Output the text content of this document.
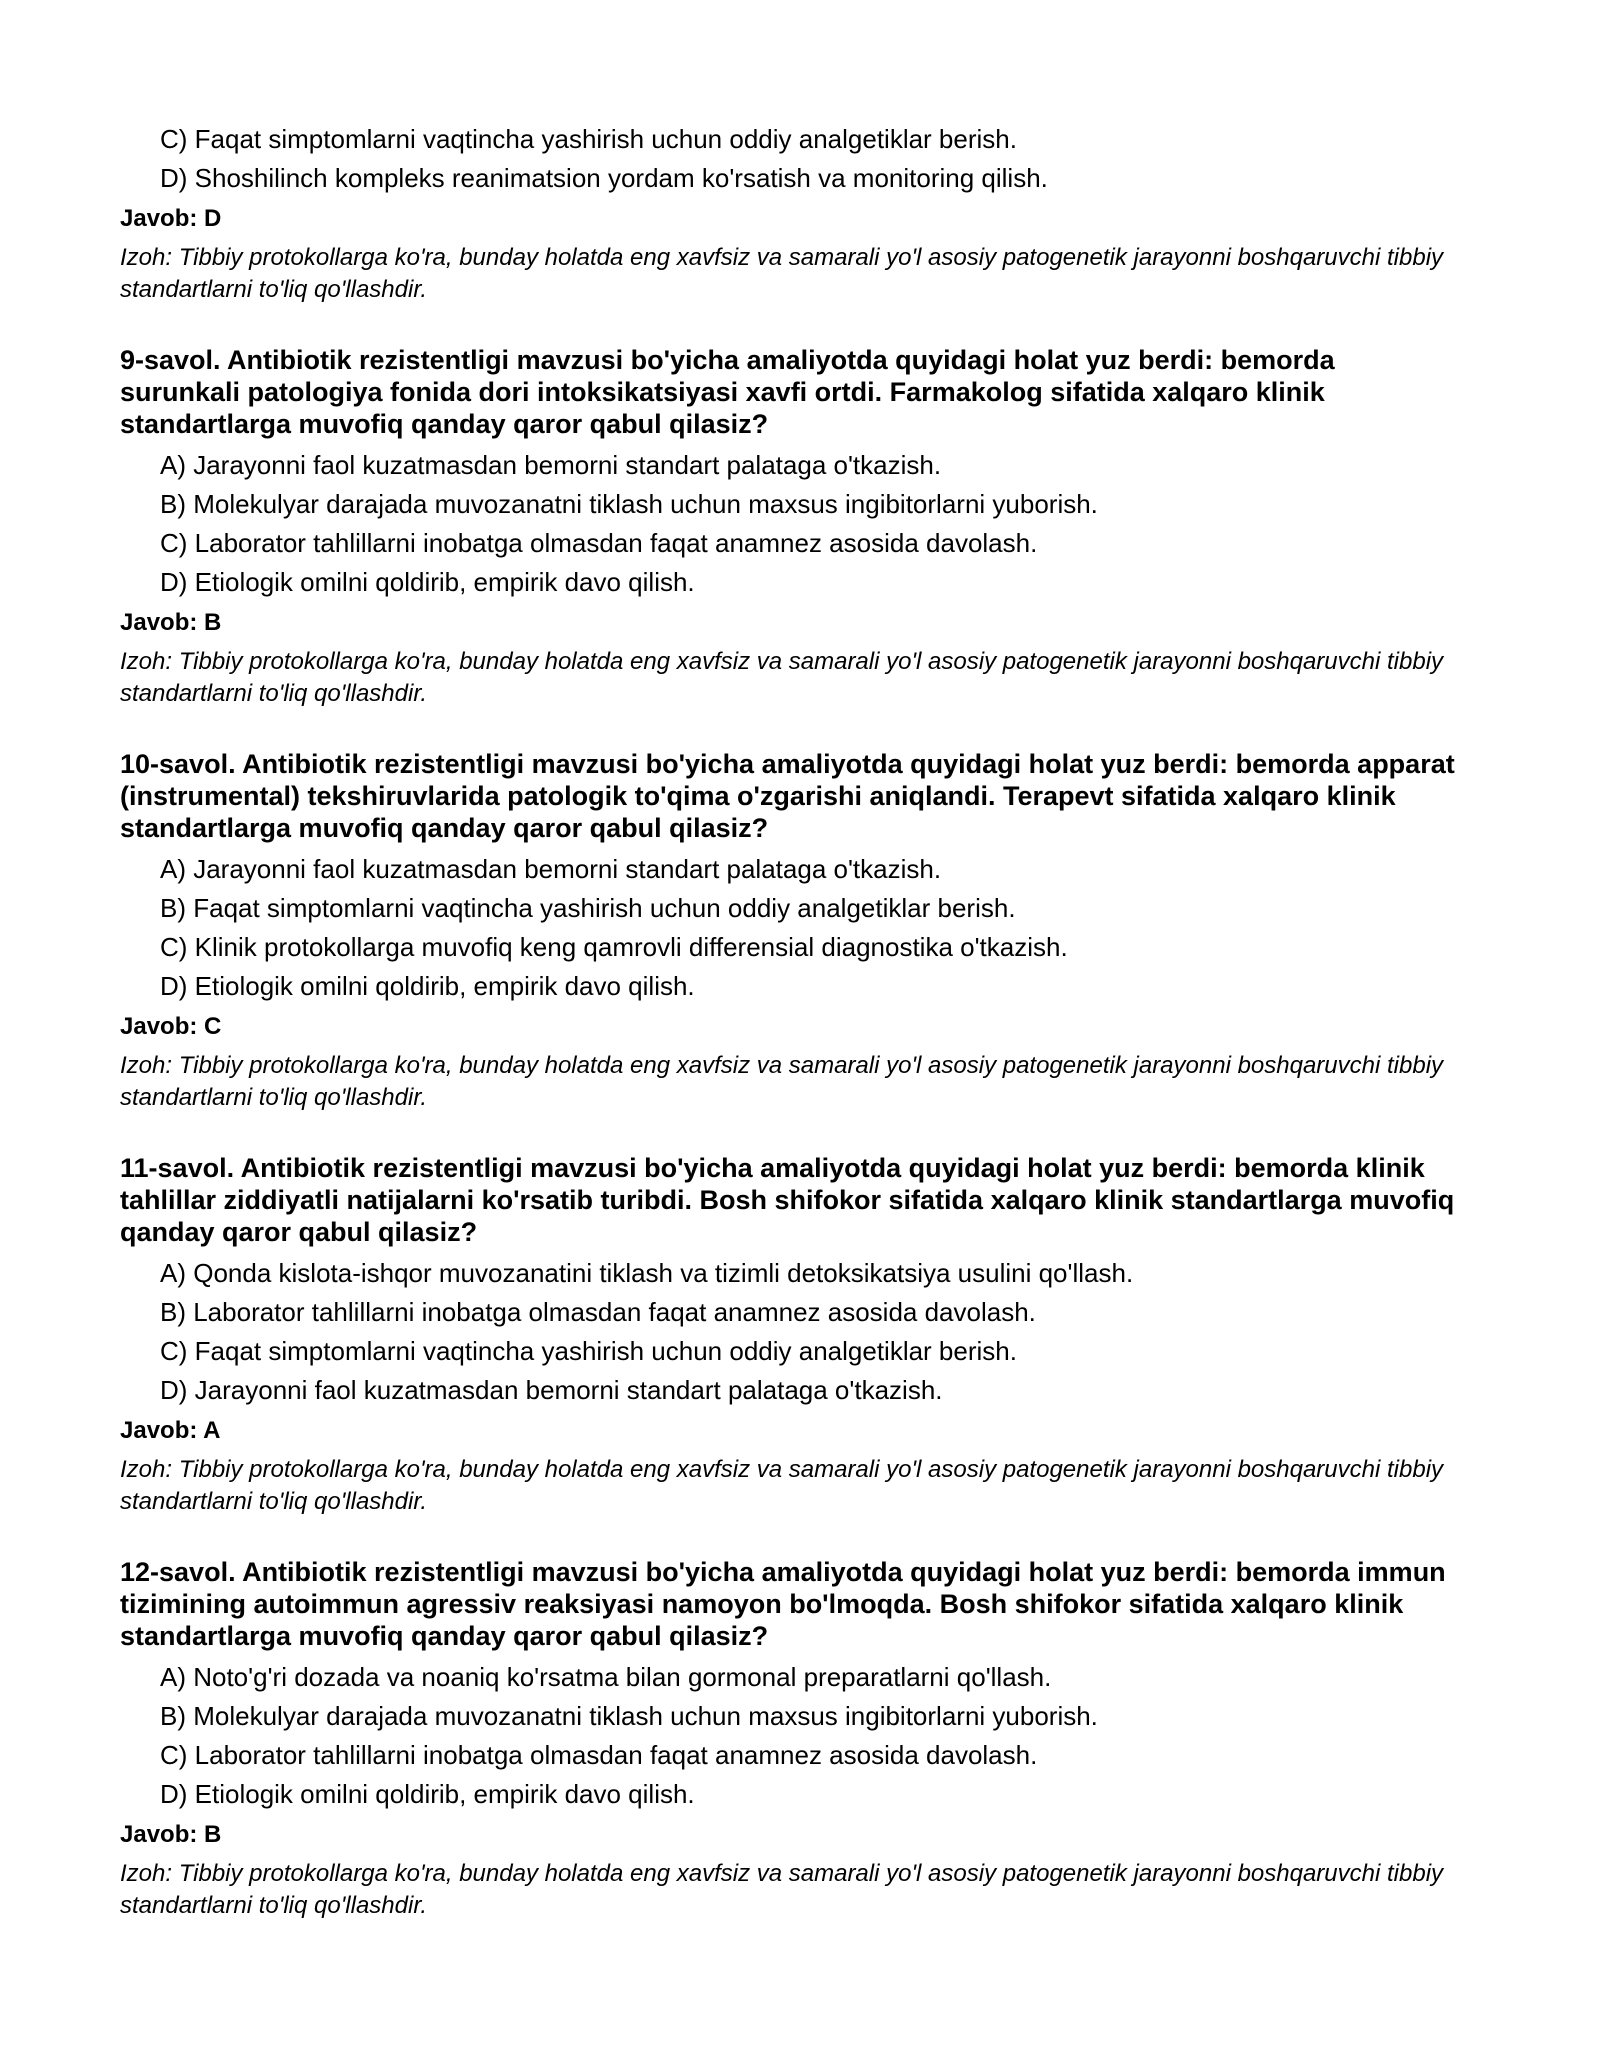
C) Faqat simptomlarni vaqtincha yashirish uchun oddiy analgetiklar berish.
D) Shoshilinch kompleks reanimatsion yordam ko'rsatish va monitoring qilish.
Javob: D
Izoh: Tibbiy protokollarga ko'ra, bunday holatda eng xavfsiz va samarali yo'l asosiy patogenetik jarayonni boshqaruvchi tibbiy standartlarni to'liq qo'llashdir.
9-savol. Antibiotik rezistentligi mavzusi bo'yicha amaliyotda quyidagi holat yuz berdi: bemorda surunkali patologiya fonida dori intoksikatsiyasi xavfi ortdi. Farmakolog sifatida xalqaro klinik standartlarga muvofiq qanday qaror qabul qilasiz?
A) Jarayonni faol kuzatmasdan bemorni standart palataga o'tkazish.
B) Molekulyar darajada muvozanatni tiklash uchun maxsus ingibitorlarni yuborish.
C) Laborator tahlillarni inobatga olmasdan faqat anamnez asosida davolash.
D) Etiologik omilni qoldirib, empirik davo qilish.
Javob: B
Izoh: Tibbiy protokollarga ko'ra, bunday holatda eng xavfsiz va samarali yo'l asosiy patogenetik jarayonni boshqaruvchi tibbiy standartlarni to'liq qo'llashdir.
10-savol. Antibiotik rezistentligi mavzusi bo'yicha amaliyotda quyidagi holat yuz berdi: bemorda apparat (instrumental) tekshiruvlarida patologik to'qima o'zgarishi aniqlandi. Terapevt sifatida xalqaro klinik standartlarga muvofiq qanday qaror qabul qilasiz?
A) Jarayonni faol kuzatmasdan bemorni standart palataga o'tkazish.
B) Faqat simptomlarni vaqtincha yashirish uchun oddiy analgetiklar berish.
C) Klinik protokollarga muvofiq keng qamrovli differensial diagnostika o'tkazish.
D) Etiologik omilni qoldirib, empirik davo qilish.
Javob: C
Izoh: Tibbiy protokollarga ko'ra, bunday holatda eng xavfsiz va samarali yo'l asosiy patogenetik jarayonni boshqaruvchi tibbiy standartlarni to'liq qo'llashdir.
11-savol. Antibiotik rezistentligi mavzusi bo'yicha amaliyotda quyidagi holat yuz berdi: bemorda klinik tahlillar ziddiyatli natijalarni ko'rsatib turibdi. Bosh shifokor sifatida xalqaro klinik standartlarga muvofiq qanday qaror qabul qilasiz?
A) Qonda kislota-ishqor muvozanatini tiklash va tizimli detoksikatsiya usulini qo'llash.
B) Laborator tahlillarni inobatga olmasdan faqat anamnez asosida davolash.
C) Faqat simptomlarni vaqtincha yashirish uchun oddiy analgetiklar berish.
D) Jarayonni faol kuzatmasdan bemorni standart palataga o'tkazish.
Javob: A
Izoh: Tibbiy protokollarga ko'ra, bunday holatda eng xavfsiz va samarali yo'l asosiy patogenetik jarayonni boshqaruvchi tibbiy standartlarni to'liq qo'llashdir.
12-savol. Antibiotik rezistentligi mavzusi bo'yicha amaliyotda quyidagi holat yuz berdi: bemorda immun tizimining autoimmun agressiv reaksiyasi namoyon bo'lmoqda. Bosh shifokor sifatida xalqaro klinik standartlarga muvofiq qanday qaror qabul qilasiz?
A) Noto'g'ri dozada va noaniq ko'rsatma bilan gormonal preparatlarni qo'llash.
B) Molekulyar darajada muvozanatni tiklash uchun maxsus ingibitorlarni yuborish.
C) Laborator tahlillarni inobatga olmasdan faqat anamnez asosida davolash.
D) Etiologik omilni qoldirib, empirik davo qilish.
Javob: B
Izoh: Tibbiy protokollarga ko'ra, bunday holatda eng xavfsiz va samarali yo'l asosiy patogenetik jarayonni boshqaruvchi tibbiy standartlarni to'liq qo'llashdir.
